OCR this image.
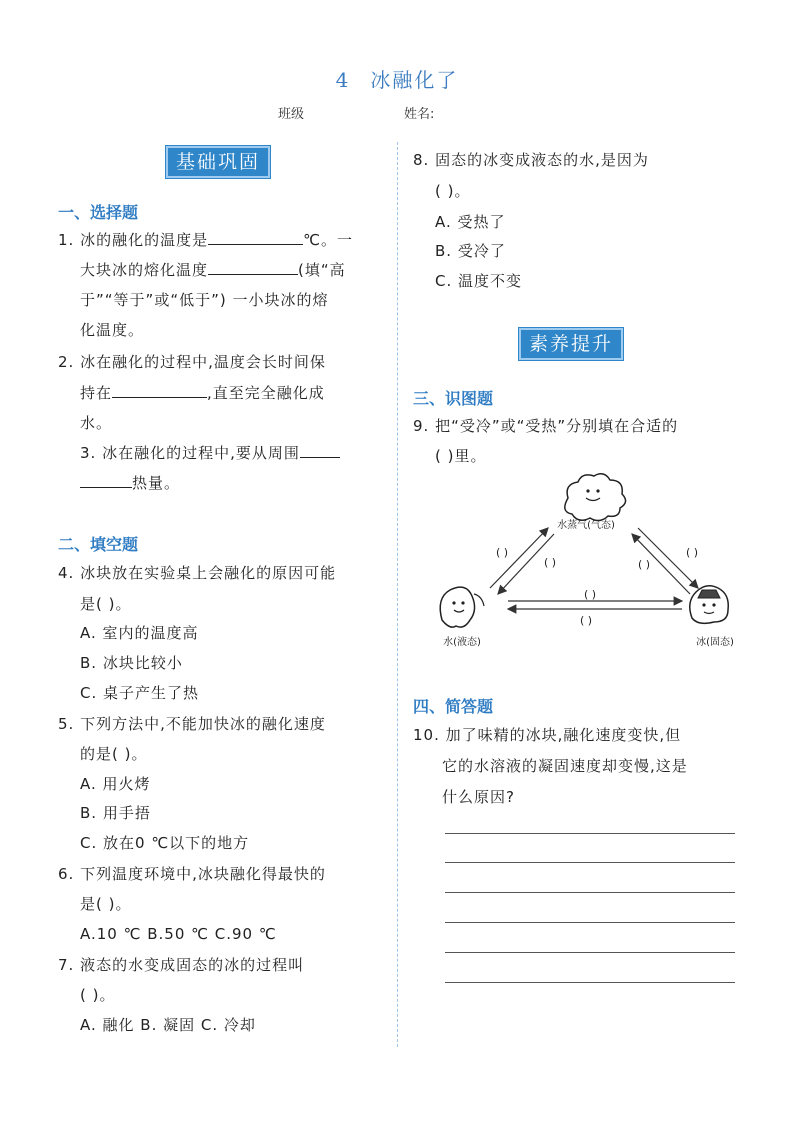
4 冰融化了
班级	姓名:
基础巩固
一、选择题
1. 冰的融化的温度是	℃。一
大块冰的熔化温度	(填“高
于”“等于”或“低于”) 一小块冰的熔
化温度。
2. 冰在融化的过程中,温度会长时间保
持在	,直至完全融化成
水。
3. 冰在融化的过程中,要从周围
热量。
二、填空题
4. 冰块放在实验桌上会融化的原因可能
是( )。
A. 室内的温度高
B. 冰块比较小
C. 桌子产生了热
5. 下列方法中,不能加快冰的融化速度
的是( )。
A. 用火烤
B. 用手捂
C. 放在0 ℃以下的地方
6. 下列温度环境中,冰块融化得最快的
是( )。
A.10 ℃ B.50 ℃ C.90 ℃
7. 液态的水变成固态的冰的过程叫
( )。
A. 融化 B. 凝固 C. 冷却
8. 固态的冰变成液态的水,是因为
( )。
A. 受热了
B. 受冷了
C. 温度不变
素养提升
三、识图题
9. 把“受冷”或“受热”分别填在合适的
( )里。
水蒸气(气态)
水(液态)	冰(固态)
( )
( )	( )
( )
( )
( )
四、简答题
10. 加了味精的冰块,融化速度变快,但
它的水溶液的凝固速度却变慢,这是
什么原因?
